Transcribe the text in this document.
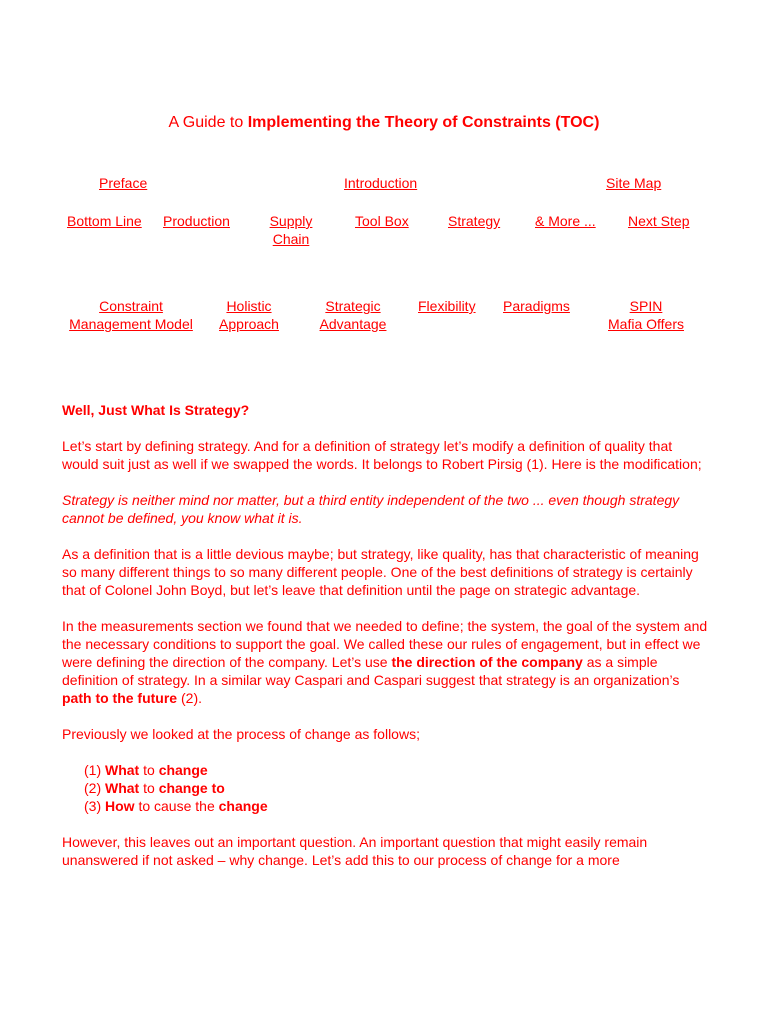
A Guide to Implementing the Theory of Constraints (TOC)
Preface	Introduction	Site Map
Bottom Line Production	Supply
Chain
Tool Box	Strategy & More ... Next Step
Constraint
Management Model
Holistic
Approach
Strategic
Advantage
Flexibility Paradigms	SPIN
Mafia Offers

Well, Just What Is Strategy?

Let’s start by defining strategy. And for a definition of strategy let’s modify a definition of quality that would suit just as well if we swapped the words. It belongs to Robert Pirsig (1). Here is the modification;

Strategy is neither mind nor matter, but a third entity independent of the two ... even though strategy cannot be defined, you know what it is.

As a definition that is a little devious maybe; but strategy, like quality, has that characteristic of meaning so many different things to so many different people. One of the best definitions of strategy is certainly that of Colonel John Boyd, but let’s leave that definition until the page on strategic advantage.

In the measurements section we found that we needed to define; the system, the goal of the system and the necessary conditions to support the goal. We called these our rules of engagement, but in effect we were defining the direction of the company. Let’s use the direction of the company as a simple definition of strategy. In a similar way Caspari and Caspari suggest that strategy is an organization’s path to the future (2).

Previously we looked at the process of change as follows;

(1) What to change
(2) What to change to
(3) How to cause the change

However, this leaves out an important question. An important question that might easily remain unanswered if not asked – why change. Let’s add this to our process of change for a more
